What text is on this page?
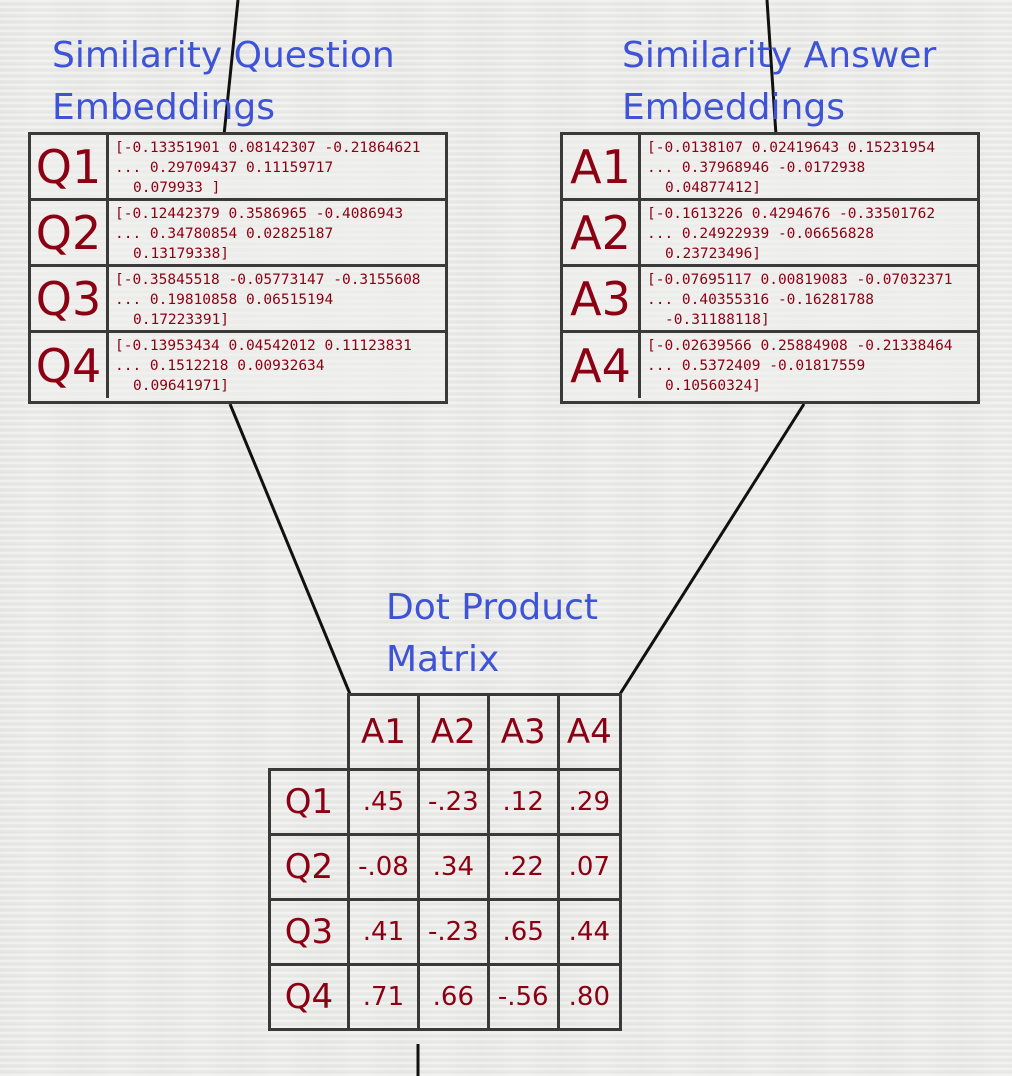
Similarity Question
Embeddings
Q1 [-0.13351901 0.08142307 -0.21864621
... 0.29709437 0.11159717
0.079933 ]
Q2 [-0.12442379 0.3586965 -0.4086943
... 0.34780854 0.02825187
0.13179338]
Q3 [-0.35845518 -0.05773147 -0.3155608
... 0.19810858 0.06515194
0.17223391]
Q4 [-0.13953434 0.04542012 0.11123831
... 0.1512218 0.00932634
0.09641971]
Similarity Answer
Embeddings
A1	[-0.0138107 0.02419643 0.15231954
... 0.37968946 -0.0172938
0.04877412]
A2	[-0.1613226 0.4294676 -0.33501762
... 0.24922939 -0.06656828
0.23723496]
A3	[-0.07695117 0.00819083 -0.07032371
... 0.40355316 -0.16281788
-0.31188118]
A4	[-0.02639566 0.25884908 -0.21338464
... 0.5372409 -0.01817559
0.10560324]
Dot Product
Matrix
	A1	A2	A3	A4
Q1	.45	-.23	.12	.29
Q2	-.08	.34	.22	.07
Q3	.41	-.23	.65	.44
Q4	.71	.66	-.56	.80
